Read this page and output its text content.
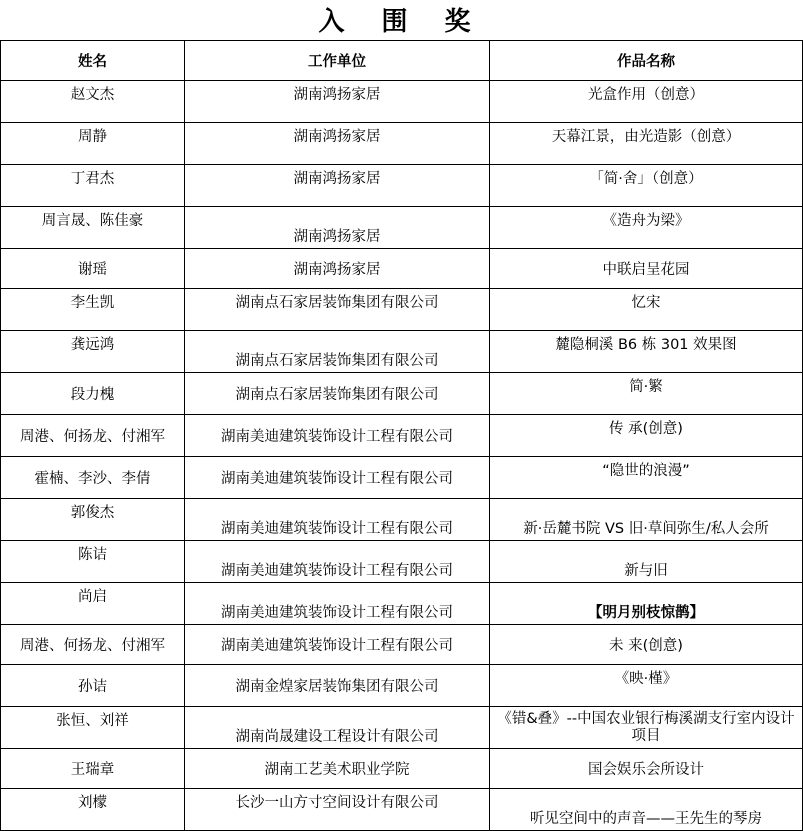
入 围 奖
姓名	工作单位	作品名称
赵文杰	湖南鸿扬家居	光盒作用（创意）
周静	湖南鸿扬家居	天幕江景，由光造影（创意）
丁君杰	湖南鸿扬家居	「简·舍」（创意）
周言晟、陈佳豪	湖南鸿扬家居	《造舟为梁》
谢瑶	湖南鸿扬家居	中联启呈花园
李生凯	湖南点石家居装饰集团有限公司	忆宋
龚远鸿	湖南点石家居装饰集团有限公司	麓隐桐溪 B6 栋 301 效果图
段力槐	湖南点石家居装饰集团有限公司	简·繁
周港、何扬龙、付湘军	湖南美迪建筑装饰设计工程有限公司	传 承(创意)
霍楠、李沙、李倩	湖南美迪建筑装饰设计工程有限公司	“隐世的浪漫”
郭俊杰	湖南美迪建筑装饰设计工程有限公司	新·岳麓书院 VS 旧·草间弥生/私人会所
陈诘	湖南美迪建筑装饰设计工程有限公司	新与旧
尚启	湖南美迪建筑装饰设计工程有限公司	【明月别枝惊鹊】
周港、何扬龙、付湘军	湖南美迪建筑装饰设计工程有限公司	未 来(创意)
孙诘	湖南金煌家居装饰集团有限公司	《映·槿》
张恒、刘祥	湖南尚晟建设工程设计有限公司	《错&叠》--中国农业银行梅溪湖支行室内设计项目
王瑞章	湖南工艺美术职业学院	国会娱乐会所设计
刘檬	长沙一山方寸空间设计有限公司	听见空间中的声音——王先生的琴房
